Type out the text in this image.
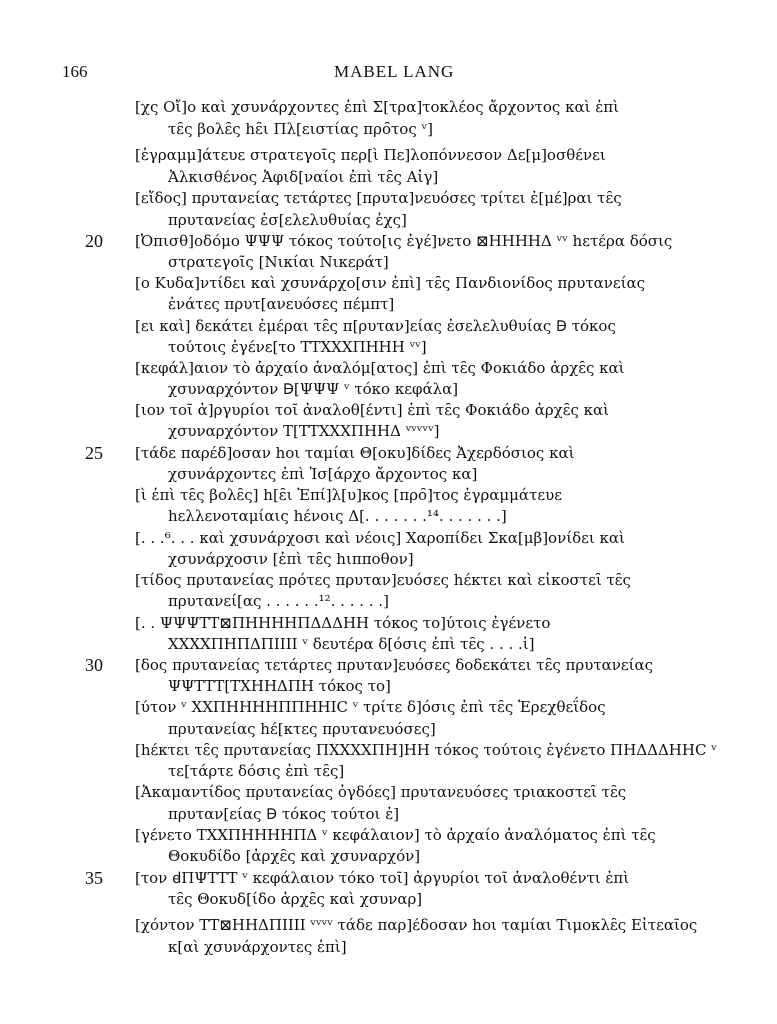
166	MABEL LANG
20
25
30
35
[χς Οἴ]ο καὶ χσυνάρχοντες ἐπὶ Σ[τρα]τοκλέος ἄρχοντος καὶ ἐπὶ
τε̑ς βολε̑ς hε̑ι Πλ[ειστίας προ̑τος ᵛ]
[ἐγραμμ]άτευε στρατεγοῖς περ[ὶ Πε]λοπόννεσον Δε[μ]οσθένει
Ἀλκισθένος Ἀφιδ[ναίοι ἐπὶ τε̑ς Αἰγ]
[εἴδος] πρυτανείας τετάρτες [πρυτα]νευόσες τρίτει ἐ[μέ]ραι τε̑ς
πρυτανείας ἐσ[ελελυθυίας ἐχς]
[Ὀπισθ]οδόμο ΨΨΨ τόκος τούτο[ις ἐγέ]νετο ⊠ΗΗΗΗΔ ᵛᵛ hετέρα δόσις
στρατεγοῖς [Νικίαι Νικεράτ]
[ο Κυδα]ντίδει καὶ χσυνάρχο[σιν ἐπὶ] τε̑ς Πανδιονίδος πρυτανείας
ἐνάτες πρυτ[ανευόσες πέμπτ]
[ει καὶ] δεκάτει ἐμέραι τε̑ς π[ρυταν]είας ἐσελελυθυίας Ꟈ τόκος
τούτοις ἐγένε[το ΤΤΧΧΧΠΗΗΗ ᵛᵛ]
[κεφάλ]αιον τὸ ἀρχαίο ἀναλόμ[ατος] ἐπὶ τε̑ς Φοκιάδο ἀρχε̑ς καὶ
χσυναρχόντον Ꟈ[ΨΨΨ ᵛ τόκο κεφάλα]
[ιον τοῖ ἀ]ργυρίοι τοῖ ἀναλοθ[έντι] ἐπὶ τε̑ς Φοκιάδο ἀρχε̑ς καὶ
χσυναρχόντον Τ[ΤΤΧΧΧΠΗΗΔ ᵛᵛᵛᵛᵛ]
[τάδε παρέδ]οσαν hοι ταμίαι Θ[οκυ]δίδες Ἀχερδόσιος καὶ
χσυνάρχοντες ἐπὶ Ἰσ[άρχο ἄρχοντος κα]
[ὶ ἐπὶ τε̑ς βολε̑ς] h[ε̑ι Ἐπί]λ[υ]κος [προ̑]τος ἐγραμμάτευε
hελλενοταμίαις hένοις Δ[. . . . . . .¹⁴. . . . . . .]
[. . .⁶. . . καὶ χσυνάρχοσι καὶ νέοις] Χαροπίδει Σκα[μβ]ονίδει καὶ
χσυνάρχοσιν [ἐπὶ τε̑ς hιπποθον]
[τίδος πρυτανείας πρότες πρυταν]ευόσες hέκτει καὶ εἰκοστει̑ τε̑ς
πρυτανεί[ας . . . . . .¹². . . . . .]
[. . ΨΨΨΤΤ⊠ΠΗΗΗΗΠΔΔΔΗΗ τόκος το]ύτοις ἐγένετο
ΧΧΧΧΠΗΠΔΠΙΙΙΙ ᵛ δευτέρα δ[όσις ἐπὶ τε̑ς . . . .ἰ]
[δος πρυτανείας τετάρτες πρυταν]ευόσες δοδεκάτει τε̑ς πρυτανείας
ΨΨΤΤΤ[ΤΧΗΗΔΠΗ τόκος το]
[ύτον ᵛ ΧΧΠΗΗΗΗΠΠΗΗΙC ᵛ τρίτε δ]όσις ἐπὶ τε̑ς Ἐρεχθεΐδος
πρυτανείας hέ[κτες πρυτανευόσες]
[hέκτει τε̑ς πρυτανείας ΠΧΧΧΧΠΗ]ΗΗ τόκος τούτοις ἐγένετο ΠΗΔΔΔΗΗC ᵛ
τε[τάρτε δόσις ἐπὶ τε̑ς]
[Ἀκαμαντίδος πρυτανείας ὀγδόες] πρυτανευόσες τριακοστει̑ τε̑ς
πρυταν[είας Ꟈ τόκος τούτοι ἐ]
[γένετο ΤΧΧΠΗΗΗΗΠΔ ᵛ κεφάλαιον] τὸ ἀρχαίο ἀναλόματος ἐπὶ τε̑ς
Θοκυδίδο [ἀρχε̑ς καὶ χσυναρχόν]
[τον ꟈΠΨΤΤΤ ᵛ κεφάλαιον τόκο τοῖ] ἀργυρίοι τοῖ ἀναλοθέντι ἐπὶ
τε̑ς Θοκυδ[ίδο ἀρχε̑ς καὶ χσυναρ]
[χόντον ΤΤ⊠ΗΗΔΠΙΙΙΙ ᵛᵛᵛᵛ τάδε παρ]έδοσαν hοι ταμίαι Τιμοκλε̑ς Εἰτεαῖος
κ[αὶ χσυνάρχοντες ἐπὶ]
